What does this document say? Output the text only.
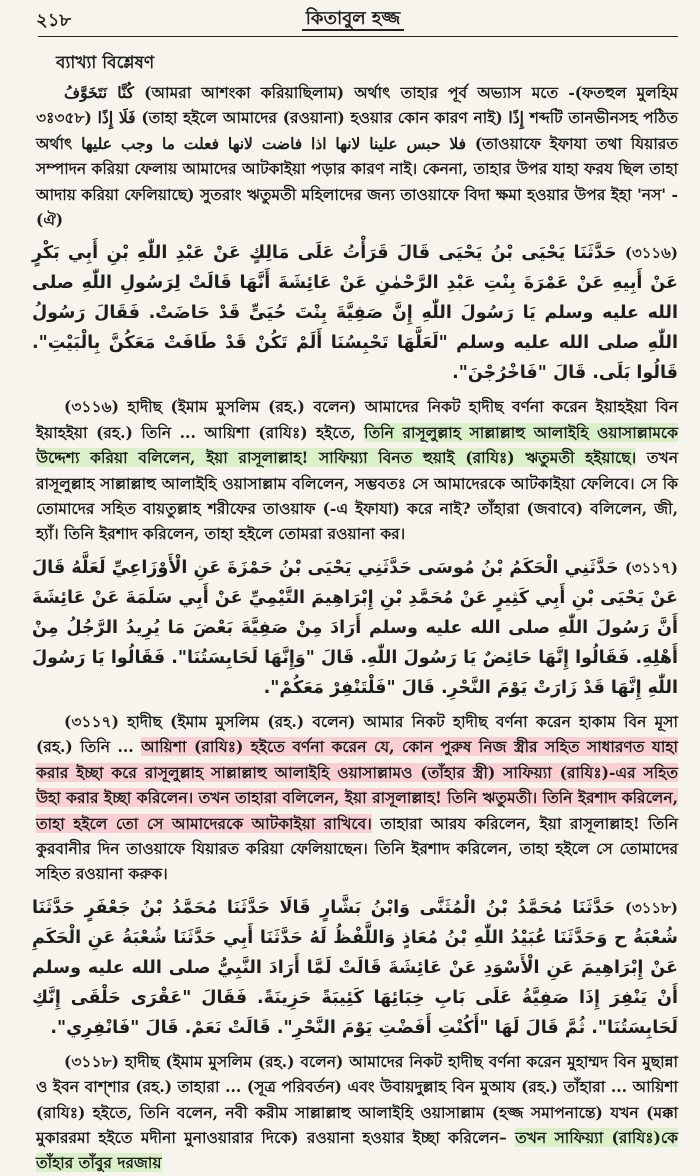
২১৮	কিতাবুল হজ্জ
ব্যাখ্যা বিশ্লেষণ

كُنَّا نَتَخَوَّفُ (আমরা আশংকা করিয়াছিলাম) অর্থাৎ তাহার পূর্ব অভ্যাস মতে -(ফতহুল মুলহিম ৩ঃ৩৫৮) فَلَا إِذًا (তাহা হইলে আমাদের (রওয়ানা) হওয়ার কোন কারণ নাই) إِذًا শব্দটি তানভীনসহ পঠিত অর্থাৎ فلا حبس علينا لانها اذا فاضت لانها فعلت ما وجب عليها (তাওয়াফে ইফাযা তথা যিয়ারত সম্পাদন করিয়া ফেলায় আমাদের আটকাইয়া পড়ার কারণ নাই। কেননা, তাহার উপর যাহা ফরয ছিল তাহা আদায় করিয়া ফেলিয়াছে) সুতরাং ঋতুমতী মহিলাদের জন্য তাওয়াফে বিদা ক্ষমা হওয়ার উপর ইহা 'নস' -(ঐ)

(৩১১৬) حَدَّثَنَا يَحْيَى بْنُ يَحْيَى قَالَ قَرَأْتُ عَلَى مَالِكٍ عَنْ عَبْدِ اللّٰهِ بْنِ أَبِي بَكْرٍ عَنْ أَبِيهِ عَنْ عَمْرَةَ بِنْتِ عَبْدِ الرَّحْمٰنِ عَنْ عَائِشَةَ أَنَّهَا قَالَتْ لِرَسُولِ اللّٰهِ صلى الله عليه وسلم يَا رَسُولَ اللّٰهِ إِنَّ صَفِيَّةَ بِنْتَ حُيَىٍّ قَدْ حَاضَتْ. فَقَالَ رَسُولُ اللّٰهِ صلى الله عليه وسلم "لَعَلَّهَا تَحْبِسُنَا أَلَمْ تَكُنْ قَدْ طَافَتْ مَعَكُنَّ بِالْبَيْتِ". قَالُوا بَلَى. قَالَ "فَاخْرُجْنَ".

(৩১১৬) হাদীছ (ইমাম মুসলিম (রহ.) বলেন) আমাদের নিকট হাদীছ বর্ণনা করেন ইয়াহইয়া বিন ইয়াহইয়া (রহ.) তিনি ... আয়িশা (রাযিঃ) হইতে, তিনি রাসূলুল্লাহ সাল্লাল্লাহু আলাইহি ওয়াসাল্লামকে উদ্দেশ্য করিয়া বলিলেন, ইয়া রাসূলাল্লাহ! সাফিয়্যা বিনত হুয়াই (রাযিঃ) ঋতুমতী হইয়াছে। তখন রাসূলুল্লাহ সাল্লাল্লাহু আলাইহি ওয়াসাল্লাম বলিলেন, সম্ভবতঃ সে আমাদেরকে আটকাইয়া ফেলিবে। সে কি তোমাদের সহিত বায়তুল্লাহ শরীফের তাওয়াফ (-এ ইফাযা) করে নাই? তাঁহারা (জবাবে) বলিলেন, জী, হ্যাঁ। তিনি ইরশাদ করিলেন, তাহা হইলে তোমরা রওয়ানা কর।

(৩১১৭) حَدَّثَنِي الْحَكَمُ بْنُ مُوسَى حَدَّثَنِي يَحْيَى بْنُ حَمْزَةَ عَنِ الْأَوْزَاعِيِّ لَعَلَّهُ قَالَ عَنْ يَحْيَى بْنِ أَبِي كَثِيرٍ عَنْ مُحَمَّدِ بْنِ إِبْرَاهِيمَ التَّيْمِيِّ عَنْ أَبِي سَلَمَةَ عَنْ عَائِشَةَ أَنَّ رَسُولَ اللّٰهِ صلى الله عليه وسلم أَرَادَ مِنْ صَفِيَّةَ بَعْضَ مَا يُرِيدُ الرَّجُلُ مِنْ أَهْلِهِ. فَقَالُوا إِنَّهَا حَائِضٌ يَا رَسُولَ اللّٰهِ. قَالَ "وَإِنَّهَا لَحَابِسَتُنَا". فَقَالُوا يَا رَسُولَ اللّٰهِ إِنَّهَا قَدْ زَارَتْ يَوْمَ النَّحْرِ. قَالَ "فَلْتَنْفِرْ مَعَكُمْ".

(৩১১৭) হাদীছ (ইমাম মুসলিম (রহ.) বলেন) আমার নিকট হাদীছ বর্ণনা করেন হাকাম বিন মূসা (রহ.) তিনি ... আয়িশা (রাযিঃ) হইতে বর্ণনা করেন যে, কোন পুরুষ নিজ স্ত্রীর সহিত সাধারণত যাহা করার ইচ্ছা করে রাসূলুল্লাহ সাল্লাল্লাহু আলাইহি ওয়াসাল্লামও (তাঁহার স্ত্রী) সাফিয়্যা (রাযিঃ)-এর সহিত উহা করার ইচ্ছা করিলেন। তখন তাহারা বলিলেন, ইয়া রাসূলাল্লাহ! তিনি ঋতুমতী। তিনি ইরশাদ করিলেন, তাহা হইলে তো সে আমাদেরকে আটকাইয়া রাখিবে। তাহারা আরয করিলেন, ইয়া রাসূলাল্লাহ! তিনি কুরবানীর দিন তাওয়াফে যিয়ারত করিয়া ফেলিয়াছেন। তিনি ইরশাদ করিলেন, তাহা হইলে সে তোমাদের সহিত রওয়ানা করুক।

(৩১১৮) حَدَّثَنَا مُحَمَّدُ بْنُ الْمُثَنَّى وَابْنُ بَشَّارٍ قَالَا حَدَّثَنَا مُحَمَّدُ بْنُ جَعْفَرٍ حَدَّثَنَا شُعْبَةُ ح وَحَدَّثَنَا عُبَيْدُ اللّٰهِ بْنُ مُعَاذٍ وَاللَّفْظُ لَهُ حَدَّثَنَا أَبِي حَدَّثَنَا شُعْبَةُ عَنِ الْحَكَمِ عَنْ إِبْرَاهِيمَ عَنِ الْأَسْوَدِ عَنْ عَائِشَةَ قَالَتْ لَمَّا أَرَادَ النَّبِيُّ صلى الله عليه وسلم أَنْ يَنْفِرَ إِذَا صَفِيَّةُ عَلَى بَابِ خِبَائِهَا كَئِيبَةً حَزِينَةً. فَقَالَ "عَقْرَى حَلْقَى إِنَّكِ لَحَابِسَتُنَا". ثُمَّ قَالَ لَهَا "أَكُنْتِ أَفَضْتِ يَوْمَ النَّحْرِ". قَالَتْ نَعَمْ. قَالَ "فَانْفِرِي".

(৩১১৮) হাদীছ (ইমাম মুসলিম (রহ.) বলেন) আমাদের নিকট হাদীছ বর্ণনা করেন মুহাম্মদ বিন মুছান্না ও ইবন বাশ্‌শার (রহ.) তাহারা ... (সূত্র পরিবর্তন) এবং উবায়দুল্লাহ বিন মুআয (রহ.) তাঁহারা ... আয়িশা (রাযিঃ) হইতে, তিনি বলেন, নবী করীম সাল্লাল্লাহু আলাইহি ওয়াসাল্লাম (হজ্জ সমাপনান্তে) যখন (মক্কা মুকাররমা হইতে মদীনা মুনাওয়ারার দিকে) রওয়ানা হওয়ার ইচ্ছা করিলেন– তখন সাফিয়্যা (রাযিঃ)কে তাঁহার তাঁবুর দরজায়
